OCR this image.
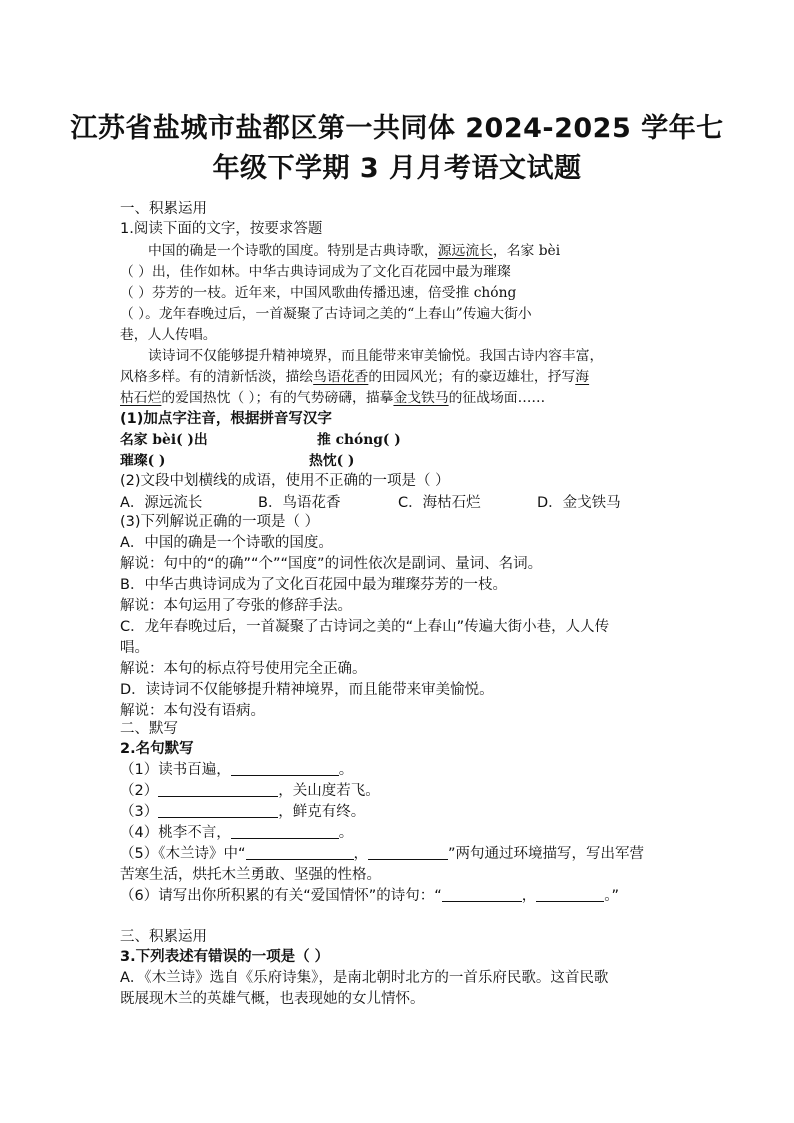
江苏省盐城市盐都区第一共同体 2024-2025 学年七
年级下学期 3 月月考语文试题
一、积累运用
1.阅读下面的文字，按要求答题
中国的确是一个诗歌的国度。特别是古典诗歌，源远流长，名家 bèi
（ ）出，佳作如林。中华古典诗词成为了文化百花园中最为璀璨
（ ）芬芳的一枝。近年来，中国风歌曲传播迅速，倍受推 chóng
（ ）。龙年春晚过后，一首凝聚了古诗词之美的“上春山”传遍大街小
巷，人人传唱。
读诗词不仅能够提升精神境界，而且能带来审美愉悦。我国古诗内容丰富，
风格多样。有的清新恬淡，描绘鸟语花香的田园风光；有的豪迈雄壮，抒写海
枯石烂的爱国热忱（ ）；有的气势磅礴，描摹金戈铁马的征战场面……
(1)加点字注音，根据拼音写汉字
名家 bèi( )出	推 chóng( )
璀璨( )	热忱( )
(2)文段中划横线的成语，使用不正确的一项是（ ）
A．源远流长	B．鸟语花香	C．海枯石烂	D．金戈铁马
(3)下列解说正确的一项是（ ）
A．中国的确是一个诗歌的国度。
解说：句中的“的确”“个”“国度”的词性依次是副词、量词、名词。
B．中华古典诗词成为了文化百花园中最为璀璨芬芳的一枝。
解说：本句运用了夸张的修辞手法。
C．龙年春晚过后，一首凝聚了古诗词之美的“上春山”传遍大街小巷，人人传
唱。
解说：本句的标点符号使用完全正确。
D．读诗词不仅能够提升精神境界，而且能带来审美愉悦。
解说：本句没有语病。
二、默写
2.名句默写
（1）读书百遍，	。
（2）	，关山度若飞。
（3）	，鲜克有终。
（4）桃李不言，	。
（5）《木兰诗》中“	，	”两句通过环境描写，写出军营
苦寒生活，烘托木兰勇敢、坚强的性格。
（6）请写出你所积累的有关“爱国情怀”的诗句：“	，	。”
三、积累运用
3.下列表述有错误的一项是（ ）
A．《木兰诗》选自《乐府诗集》，是南北朝时北方的一首乐府民歌。这首民歌
既展现木兰的英雄气概，也表现她的女儿情怀。
